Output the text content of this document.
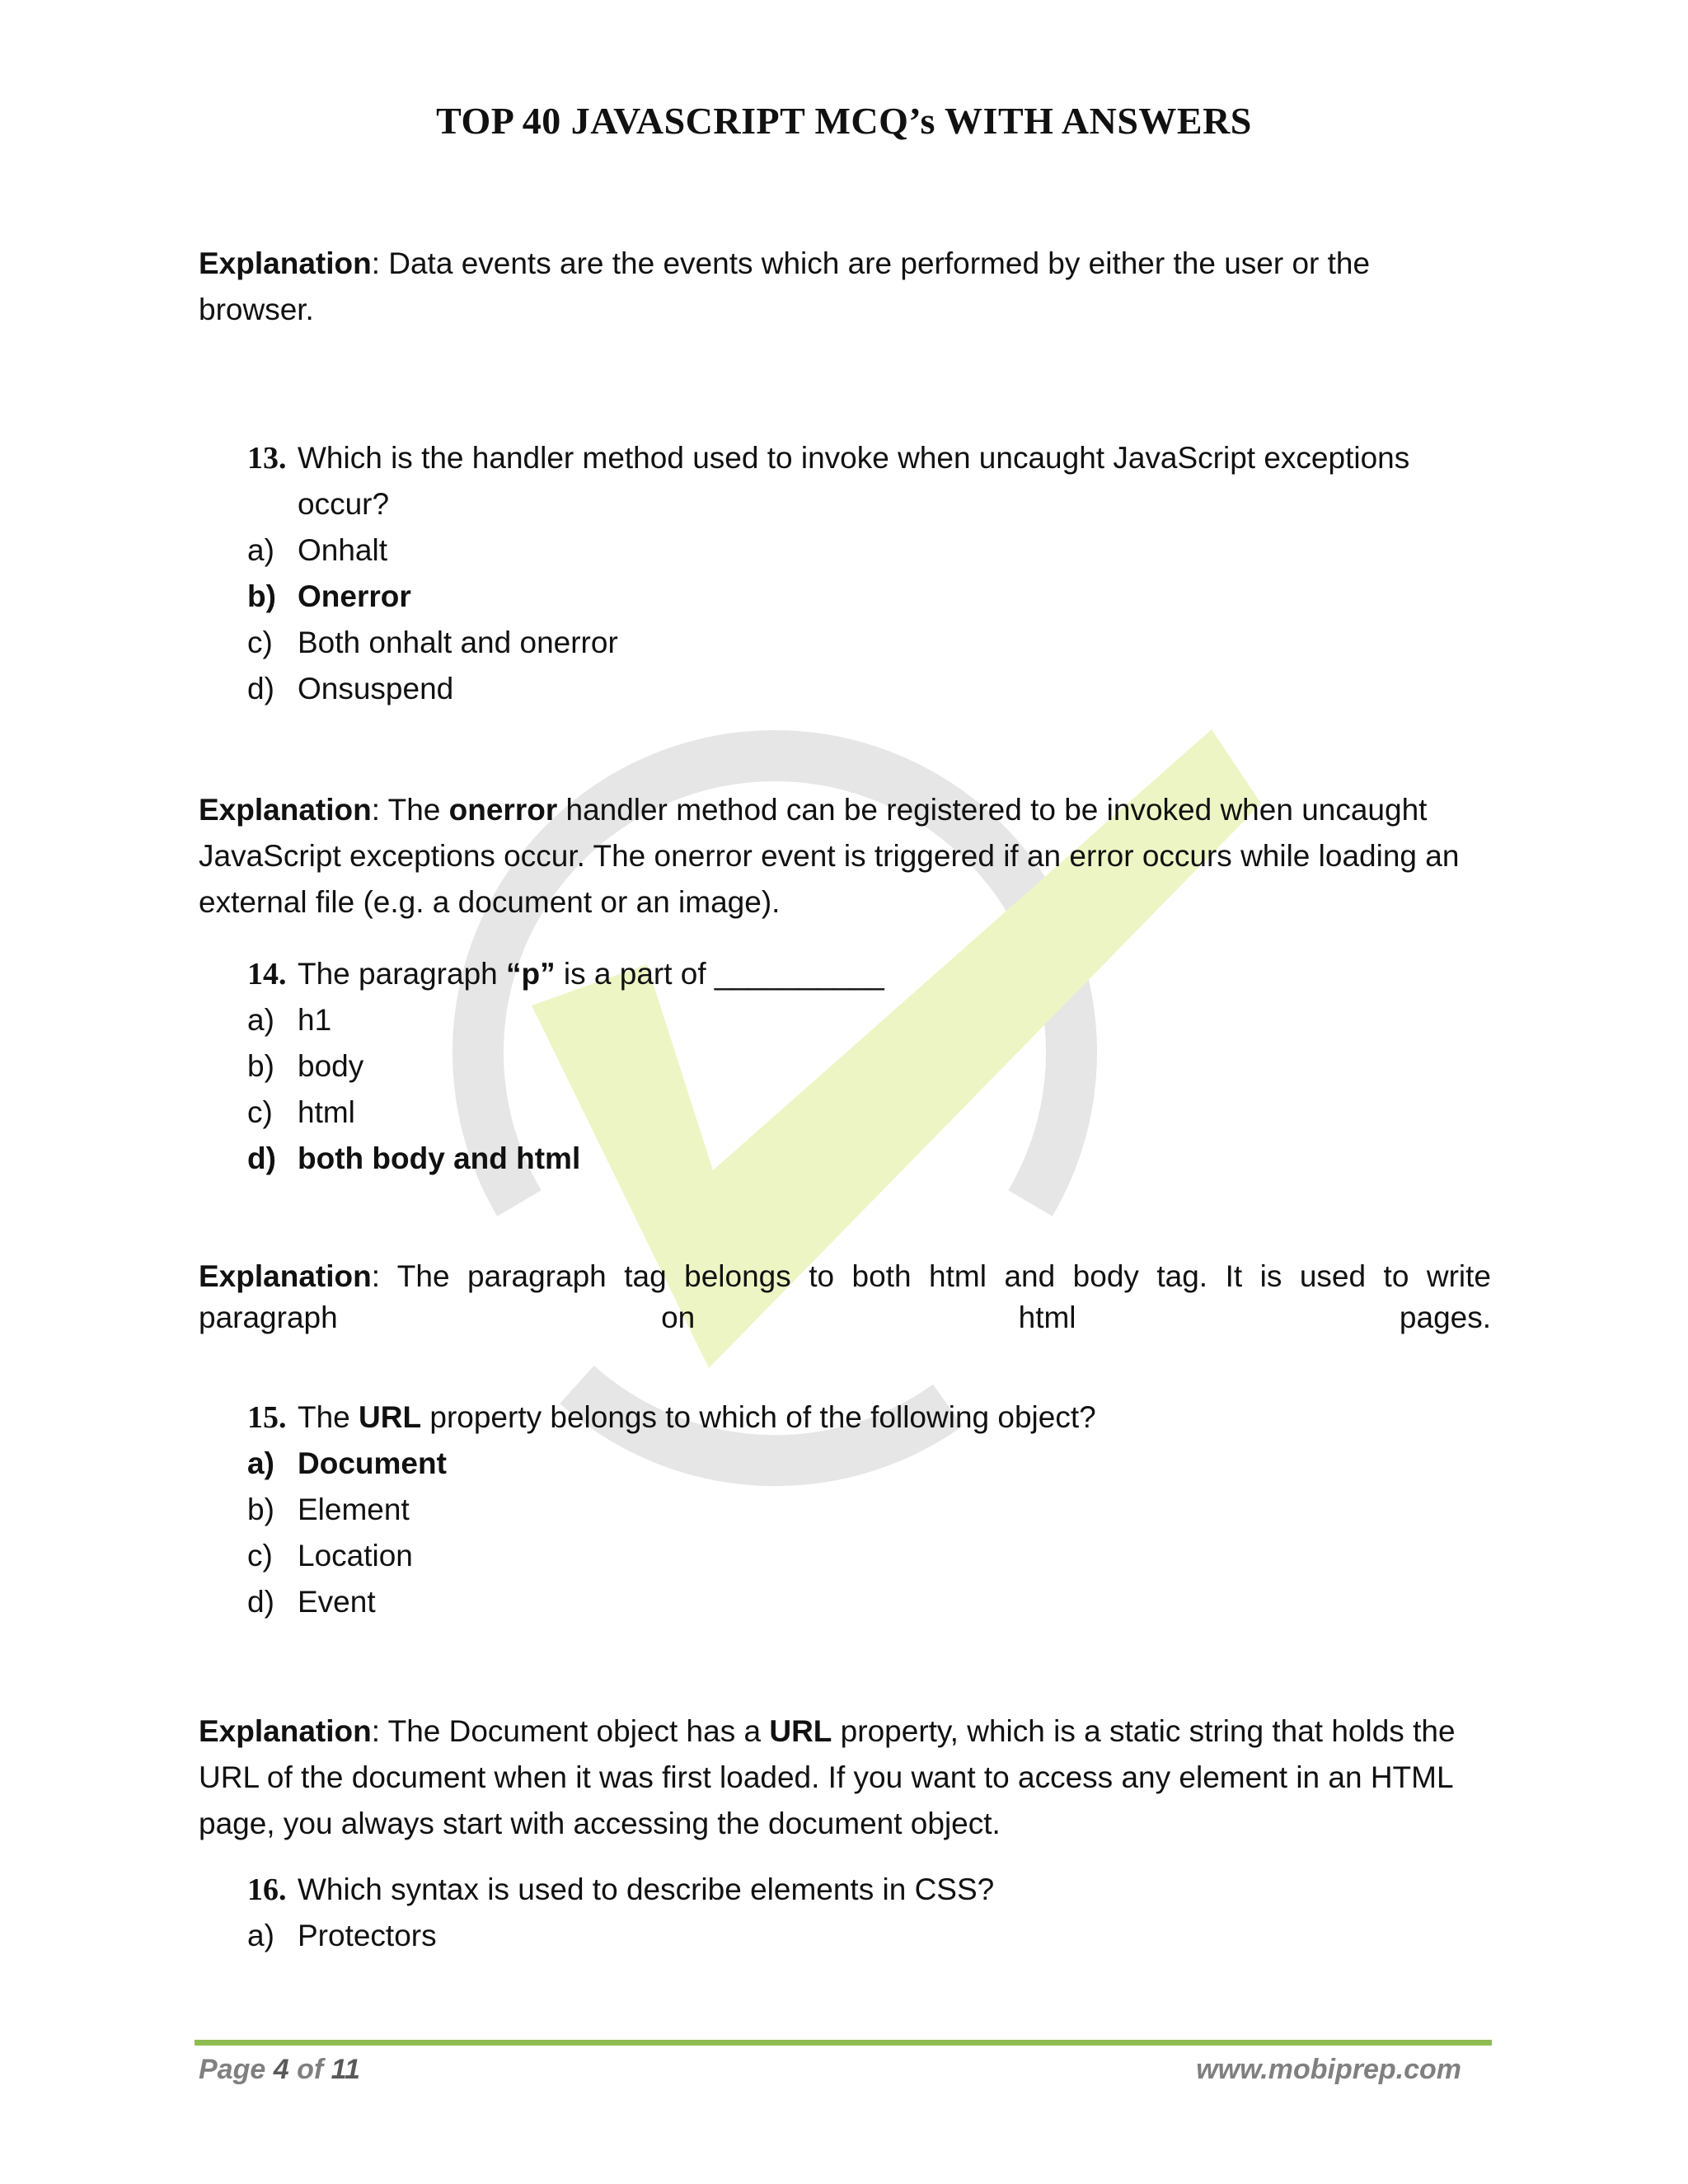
TOP 40 JAVASCRIPT MCQ’s WITH ANSWERS
Explanation: Data events are the events which are performed by either the user or the browser.
13. Which is the handler method used to invoke when uncaught JavaScript exceptions occur?
a) Onhalt
b) Onerror
c) Both onhalt and onerror
d) Onsuspend
Explanation: The onerror handler method can be registered to be invoked when uncaught JavaScript exceptions occur. The onerror event is triggered if an error occurs while loading an external file (e.g. a document or an image).
14. The paragraph “p” is a part of __________
a) h1
b) body
c) html
d) both body and html
Explanation: The paragraph tag belongs to both html and body tag. It is used to write paragraph on html pages.
15. The URL property belongs to which of the following object?
a) Document
b) Element
c) Location
d) Event
Explanation: The Document object has a URL property, which is a static string that holds the URL of the document when it was first loaded. If you want to access any element in an HTML page, you always start with accessing the document object.
16. Which syntax is used to describe elements in CSS?
a) Protectors
Page 4 of 11	www.mobiprep.com
